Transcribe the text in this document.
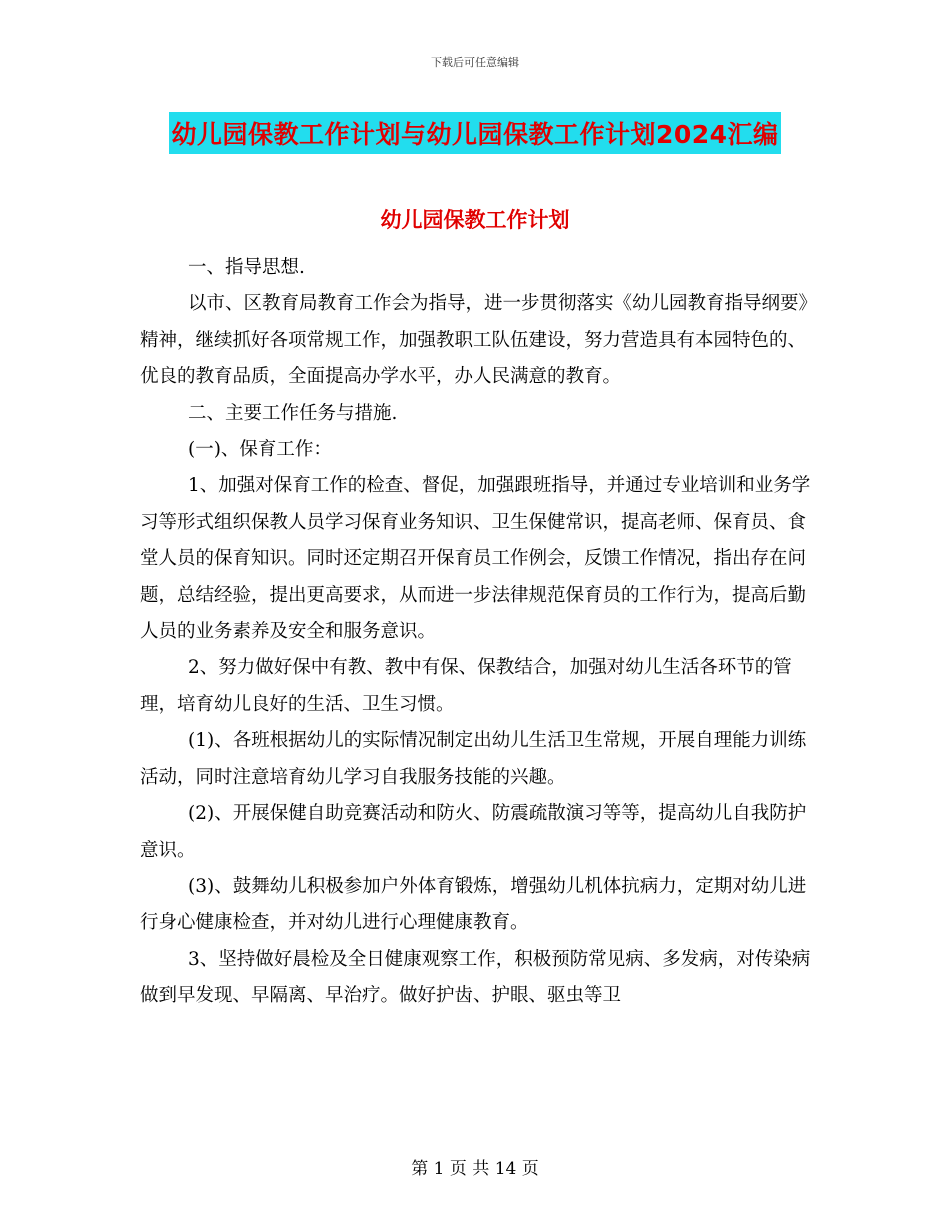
下载后可任意编辑
幼儿园保教工作计划与幼儿园保教工作计划2024汇编
幼儿园保教工作计划

一、指导思想.

以市、区教育局教育工作会为指导，进一步贯彻落实《幼儿园教育指导纲要》精神，继续抓好各项常规工作，加强教职工队伍建设，努力营造具有本园特色的、优良的教育品质，全面提高办学水平，办人民满意的教育。

二、主要工作任务与措施.

(一)、保育工作：

1、加强对保育工作的检查、督促，加强跟班指导，并通过专业培训和业务学习等形式组织保教人员学习保育业务知识、卫生保健常识，提高老师、保育员、食堂人员的保育知识。同时还定期召开保育员工作例会，反馈工作情况，指出存在问题，总结经验，提出更高要求，从而进一步法律规范保育员的工作行为，提高后勤人员的业务素养及安全和服务意识。

2、努力做好保中有教、教中有保、保教结合，加强对幼儿生活各环节的管理，培育幼儿良好的生活、卫生习惯。

(1)、各班根据幼儿的实际情况制定出幼儿生活卫生常规，开展自理能力训练活动，同时注意培育幼儿学习自我服务技能的兴趣。

(2)、开展保健自助竞赛活动和防火、防震疏散演习等等，提高幼儿自我防护意识。

(3)、鼓舞幼儿积极参加户外体育锻炼，增强幼儿机体抗病力，定期对幼儿进行身心健康检查，并对幼儿进行心理健康教育。

3、坚持做好晨检及全日健康观察工作，积极预防常见病、多发病，对传染病做到早发现、早隔离、早治疗。做好护齿、护眼、驱虫等卫

第 1 页 共 14 页
